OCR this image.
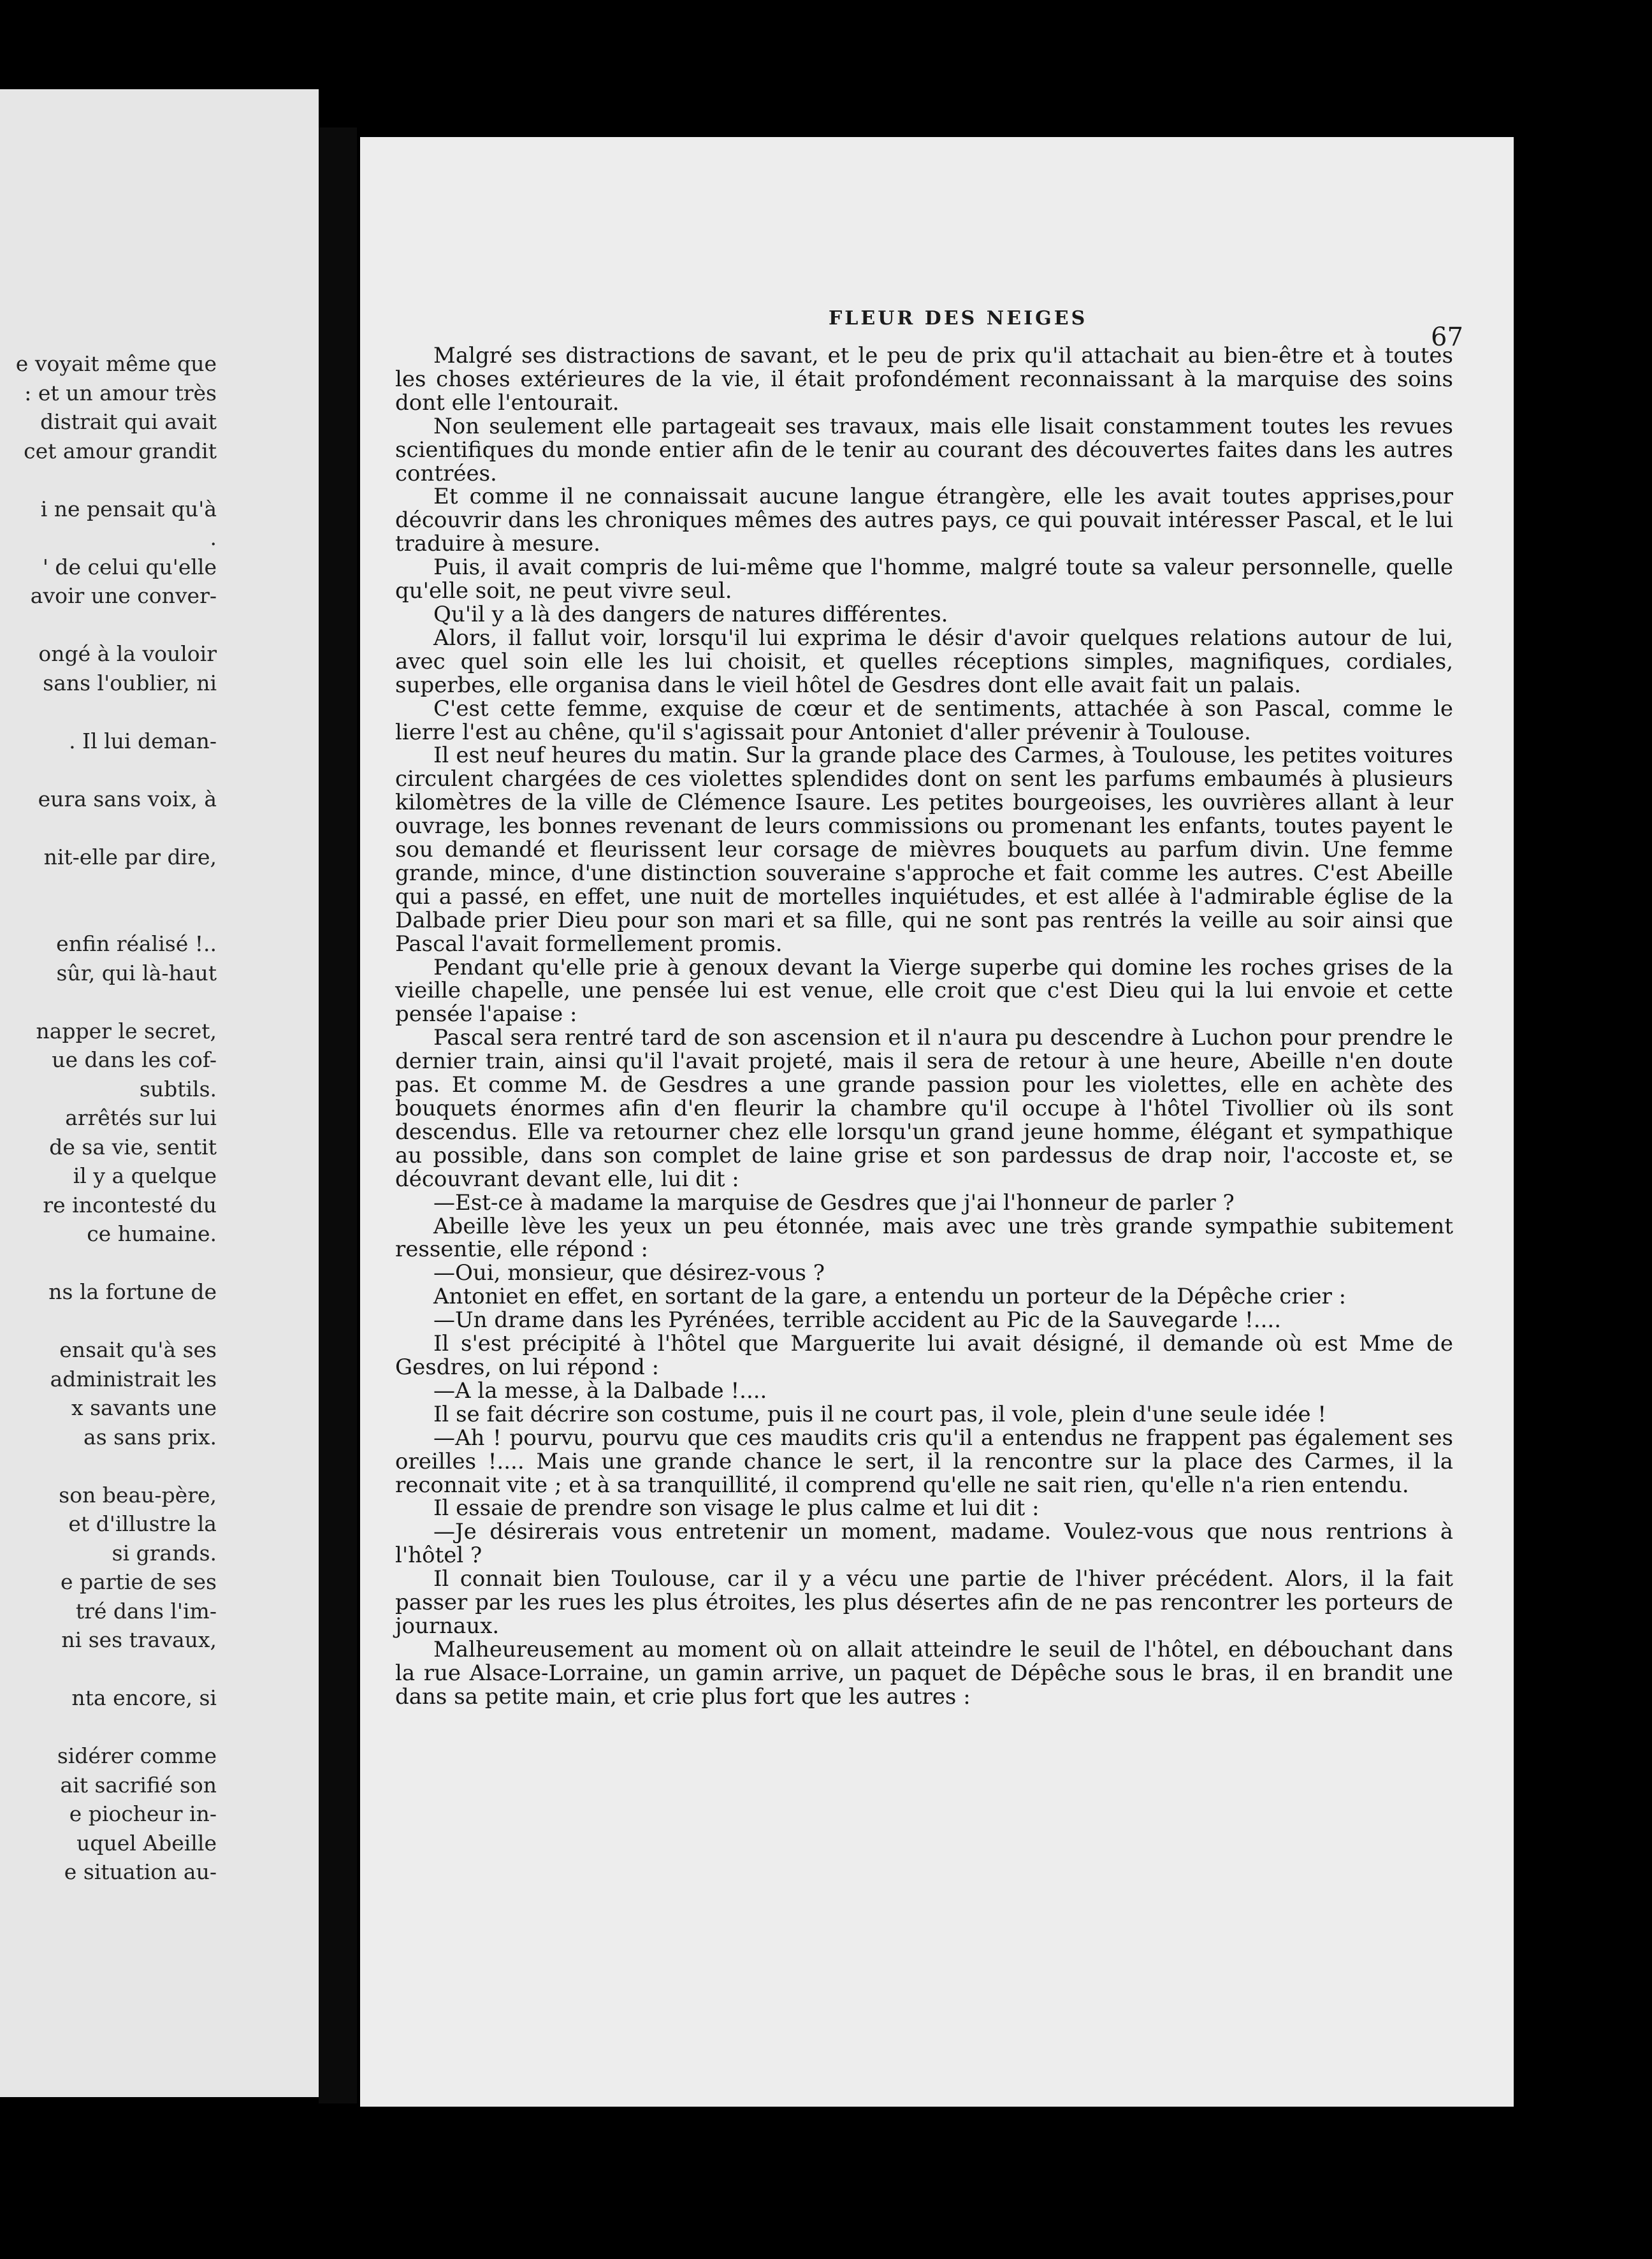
e voyait même que
: et un amour très
distrait qui avait
cet amour grandit
i ne pensait qu'à
.
' de celui qu'elle
avoir une conver-
ongé à la vouloir
sans l'oublier, ni
. Il lui deman-
eura sans voix, à
nit-elle par dire,
enfin réalisé !..
sûr, qui là-haut
napper le secret,
ue dans les cof-
subtils.
arrêtés sur lui
de sa vie, sentit
il y a quelque
re incontesté du
ce humaine.
ns la fortune de
ensait qu'à ses
administrait les
x savants une
as sans prix.
son beau-père,
et d'illustre la
si grands.
e partie de ses
tré dans l'im-
ni ses travaux,
nta encore, si
sidérer comme
ait sacrifié son
e piocheur in-
uquel Abeille
e situation au-
FLEUR DES NEIGES
67

Malgré ses distractions de savant, et le peu de prix qu'il attachait au bien-être et à toutes les choses extérieures de la vie, il était profondément reconnaissant à la marquise des soins dont elle l'entourait.

Non seulement elle partageait ses travaux, mais elle lisait constamment toutes les revues scientifiques du monde entier afin de le tenir au courant des découvertes faites dans les autres contrées.

Et comme il ne connaissait aucune langue étrangère, elle les avait toutes apprises,pour découvrir dans les chroniques mêmes des autres pays, ce qui pouvait intéresser Pascal, et le lui traduire à mesure.

Puis, il avait compris de lui-même que l'homme, malgré toute sa valeur personnelle, quelle qu'elle soit, ne peut vivre seul.

Qu'il y a là des dangers de natures différentes.

Alors, il fallut voir, lorsqu'il lui exprima le désir d'avoir quelques relations autour de lui, avec quel soin elle les lui choisit, et quelles réceptions simples, magnifiques, cordiales, superbes, elle organisa dans le vieil hôtel de Gesdres dont elle avait fait un palais.

C'est cette femme, exquise de cœur et de sentiments, attachée à son Pascal, comme le lierre l'est au chêne, qu'il s'agissait pour Antoniet d'aller prévenir à Toulouse.

Il est neuf heures du matin. Sur la grande place des Carmes, à Toulouse, les petites voitures circulent chargées de ces violettes splendides dont on sent les parfums embaumés à plusieurs kilomètres de la ville de Clémence Isaure. Les petites bourgeoises, les ouvrières allant à leur ouvrage, les bonnes revenant de leurs commissions ou promenant les enfants, toutes payent le sou demandé et fleurissent leur corsage de mièvres bouquets au parfum divin. Une femme grande, mince, d'une distinction souveraine s'approche et fait comme les autres. C'est Abeille qui a passé, en effet, une nuit de mortelles inquiétudes, et est allée à l'admirable église de la Dalbade prier Dieu pour son mari et sa fille, qui ne sont pas rentrés la veille au soir ainsi que Pascal l'avait formellement promis.

Pendant qu'elle prie à genoux devant la Vierge superbe qui domine les roches grises de la vieille chapelle, une pensée lui est venue, elle croit que c'est Dieu qui la lui envoie et cette pensée l'apaise :

Pascal sera rentré tard de son ascension et il n'aura pu descendre à Luchon pour prendre le dernier train, ainsi qu'il l'avait projeté, mais il sera de retour à une heure, Abeille n'en doute pas. Et comme M. de Gesdres a une grande passion pour les violettes, elle en achète des bouquets énormes afin d'en fleurir la chambre qu'il occupe à l'hôtel Tivollier où ils sont descendus. Elle va retourner chez elle lorsqu'un grand jeune homme, élégant et sympathique au possible, dans son complet de laine grise et son pardessus de drap noir, l'accoste et, se découvrant devant elle, lui dit :

—Est-ce à madame la marquise de Gesdres que j'ai l'honneur de parler ?

Abeille lève les yeux un peu étonnée, mais avec une très grande sympathie subitement ressentie, elle répond :

—Oui, monsieur, que désirez-vous ?

Antoniet en effet, en sortant de la gare, a entendu un porteur de la Dépêche crier :

—Un drame dans les Pyrénées, terrible accident au Pic de la Sauvegarde !....

Il s'est précipité à l'hôtel que Marguerite lui avait désigné, il demande où est Mme de Gesdres, on lui répond :

—A la messe, à la Dalbade !....

Il se fait décrire son costume, puis il ne court pas, il vole, plein d'une seule idée !

—Ah ! pourvu, pourvu que ces maudits cris qu'il a entendus ne frappent pas également ses oreilles !.... Mais une grande chance le sert, il la rencontre sur la place des Carmes, il la reconnait vite ; et à sa tranquillité, il comprend qu'elle ne sait rien, qu'elle n'a rien entendu.

Il essaie de prendre son visage le plus calme et lui dit :

—Je désirerais vous entretenir un moment, madame. Voulez-vous que nous rentrions à l'hôtel ?

Il connait bien Toulouse, car il y a vécu une partie de l'hiver précédent. Alors, il la fait passer par les rues les plus étroites, les plus désertes afin de ne pas rencontrer les porteurs de journaux.

Malheureusement au moment où on allait atteindre le seuil de l'hôtel, en débouchant dans la rue Alsace-Lorraine, un gamin arrive, un paquet de Dépêche sous le bras, il en brandit une dans sa petite main, et crie plus fort que les autres :
